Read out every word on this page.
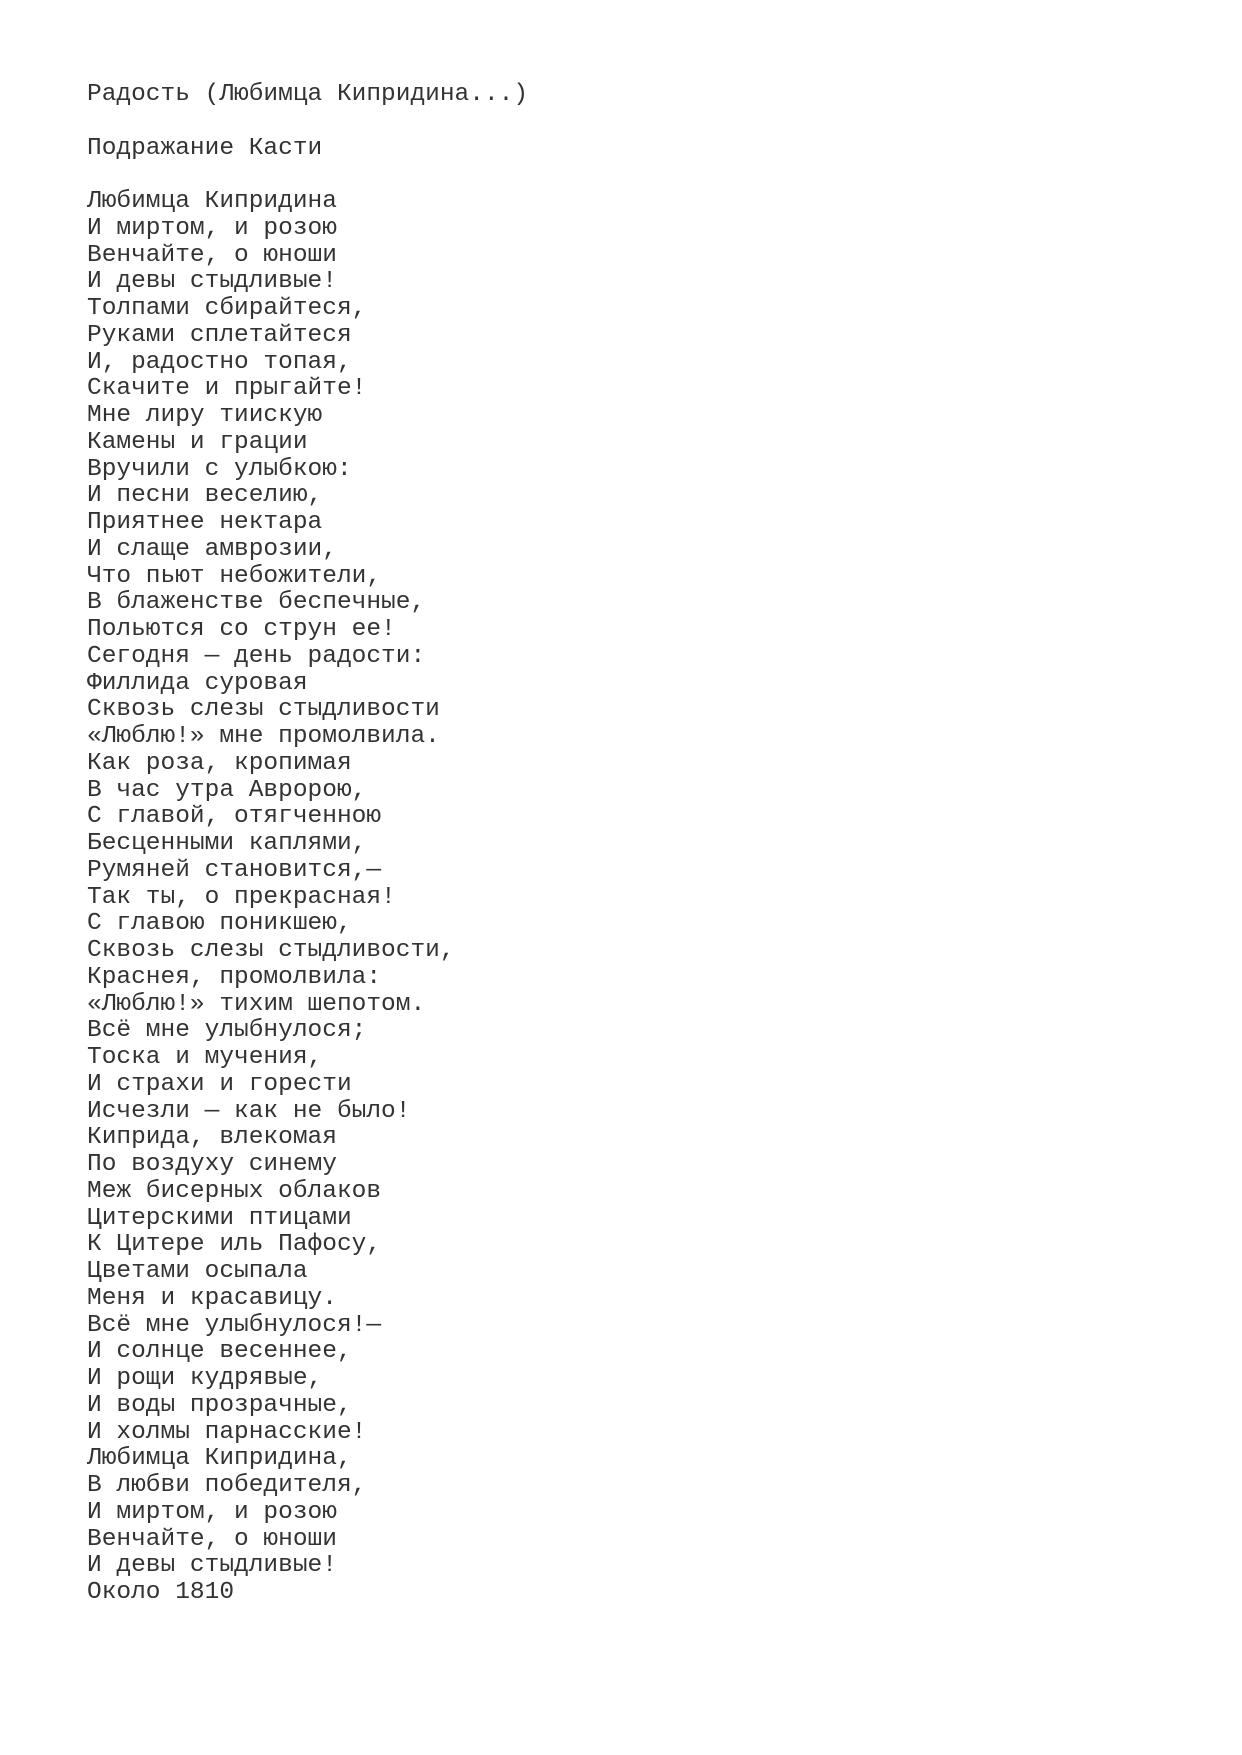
Радость (Любимца Кипридина...)
Подражание Касти
Любимца Кипридина
И миртом, и розою
Венчайте, о юноши
И девы стыдливые!
Толпами сбирайтеся,
Руками сплетайтеся
И, радостно топая,
Скачите и прыгайте!
Мне лиру тиискую
Камены и грации
Вручили с улыбкою:
И песни веселию,
Приятнее нектара
И слаще амврозии,
Что пьют небожители,
В блаженстве беспечные,
Польются со струн ее!
Сегодня — день радости:
Филлида суровая
Сквозь слезы стыдливости
«Люблю!» мне промолвила.
Как роза, кропимая
В час утра Авророю,
С главой, отягченною
Бесценными каплями,
Румяней становится,—
Так ты, о прекрасная!
С главою поникшею,
Сквозь слезы стыдливости,
Краснея, промолвила:
«Люблю!» тихим шепотом.
Всё мне улыбнулося;
Тоска и мучения,
И страхи и горести
Исчезли — как не было!
Киприда, влекомая
По воздуху синему
Меж бисерных облаков
Цитерскими птицами
К Цитере иль Пафосу,
Цветами осыпала
Меня и красавицу.
Всё мне улыбнулося!—
И солнце весеннее,
И рощи кудрявые,
И воды прозрачные,
И холмы парнасские!
Любимца Кипридина,
В любви победителя,
И миртом, и розою
Венчайте, о юноши
И девы стыдливые!
Около 1810
